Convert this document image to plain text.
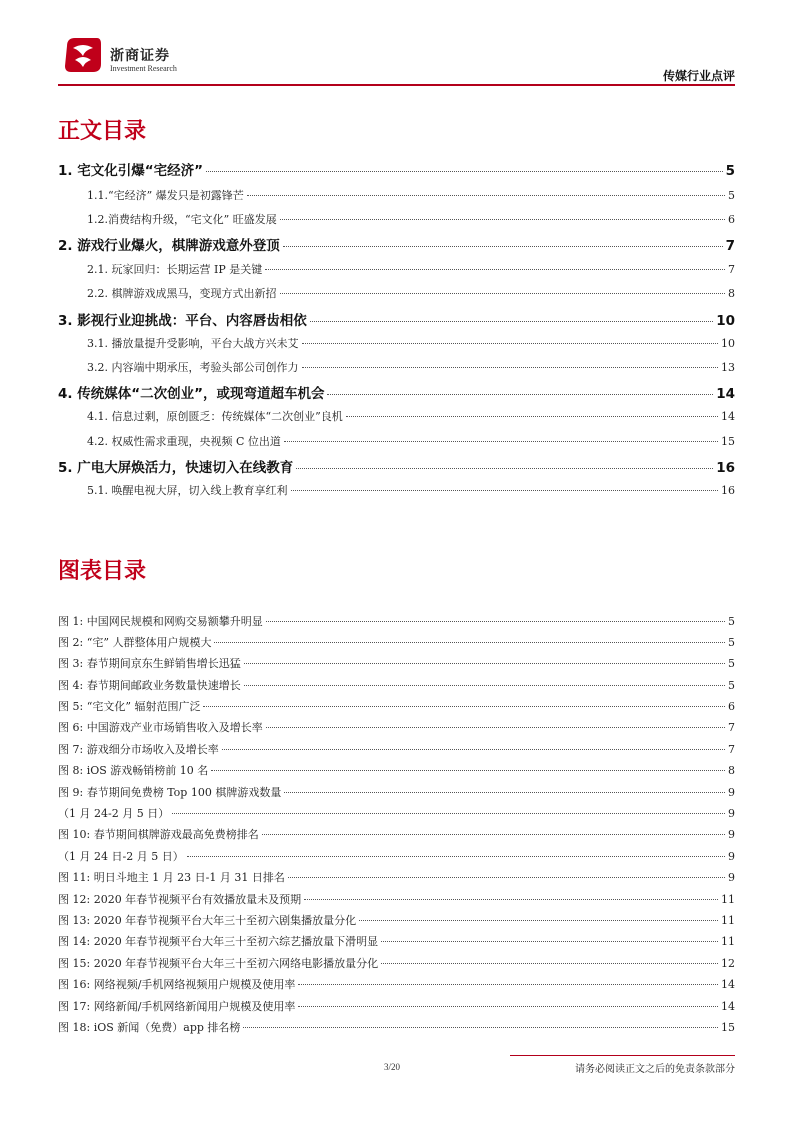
浙商证券
Investment Research
传媒行业点评
正文目录
1. 宅文化引爆“宅经济”	5
1.1.“宅经济” 爆发只是初露锋芒	5
1.2.消费结构升级，“宅文化” 旺盛发展	6
2. 游戏行业爆火，棋牌游戏意外登顶	7
2.1. 玩家回归：长期运营 IP 是关键	7
2.2. 棋牌游戏成黑马，变现方式出新招	8
3. 影视行业迎挑战：平台、内容唇齿相依	10
3.1. 播放量提升受影响，平台大战方兴未艾	10
3.2. 内容端中期承压，考验头部公司创作力	13
4. 传统媒体“二次创业”，或现弯道超车机会	14
4.1. 信息过剩，原创匮乏：传统媒体“二次创业”良机	14
4.2. 权威性需求重现，央视频 C 位出道	15
5. 广电大屏焕活力，快速切入在线教育	16
5.1. 唤醒电视大屏，切入线上教育享红利	16
图表目录
图 1: 中国网民规模和网购交易额攀升明显	5
图 2: “宅” 人群整体用户规模大	5
图 3: 春节期间京东生鲜销售增长迅猛	5
图 4: 春节期间邮政业务数量快速增长	5
图 5: “宅文化” 辐射范围广泛	6
图 6: 中国游戏产业市场销售收入及增长率	7
图 7: 游戏细分市场收入及增长率	7
图 8: iOS 游戏畅销榜前 10 名	8
图 9: 春节期间免费榜 Top 100 棋牌游戏数量	9
（1 月 24-2 月 5 日）	9
图 10: 春节期间棋牌游戏最高免费榜排名	9
（1 月 24 日-2 月 5 日）	9
图 11: 明日斗地主 1 月 23 日-1 月 31 日排名	9
图 12: 2020 年春节视频平台有效播放量未及预期	11
图 13: 2020 年春节视频平台大年三十至初六剧集播放量分化	11
图 14: 2020 年春节视频平台大年三十至初六综艺播放量下滑明显	11
图 15: 2020 年春节视频平台大年三十至初六网络电影播放量分化	12
图 16: 网络视频/手机网络视频用户规模及使用率	14
图 17: 网络新闻/手机网络新闻用户规模及使用率	14
图 18: iOS 新闻（免费）app 排名榜	15
3/20	请务必阅读正文之后的免责条款部分
